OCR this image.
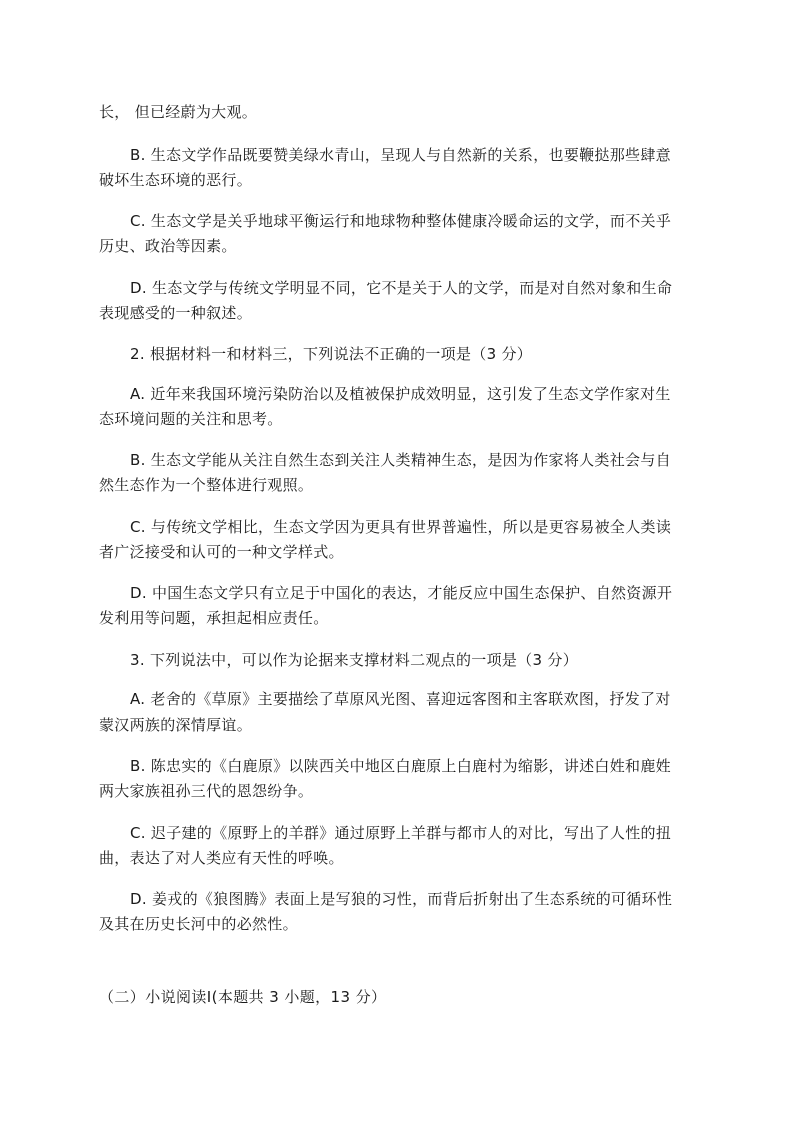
长， 但已经蔚为大观。
B. 生态文学作品既要赞美绿水青山，呈现人与自然新的关系，也要鞭挞那些肆意
破坏生态环境的恶行。
C. 生态文学是关乎地球平衡运行和地球物种整体健康冷暖命运的文学，而不关乎
历史、政治等因素。
D. 生态文学与传统文学明显不同，它不是关于人的文学，而是对自然对象和生命
表现感受的一种叙述。
2. 根据材料一和材料三，下列说法不正确的一项是（3 分）
A. 近年来我国环境污染防治以及植被保护成效明显，这引发了生态文学作家对生
态环境问题的关注和思考。
B. 生态文学能从关注自然生态到关注人类精神生态，是因为作家将人类社会与自
然生态作为一个整体进行观照。
C. 与传统文学相比，生态文学因为更具有世界普遍性，所以是更容易被全人类读
者广泛接受和认可的一种文学样式。
D. 中国生态文学只有立足于中国化的表达，才能反应中国生态保护、自然资源开
发利用等问题，承担起相应责任。
3. 下列说法中，可以作为论据来支撑材料二观点的一项是（3 分）
A. 老舍的《草原》主要描绘了草原风光图、喜迎远客图和主客联欢图，抒发了对
蒙汉两族的深情厚谊。
B. 陈忠实的《白鹿原》以陕西关中地区白鹿原上白鹿村为缩影，讲述白姓和鹿姓
两大家族祖孙三代的恩怨纷争。
C. 迟子建的《原野上的羊群》通过原野上羊群与都市人的对比，写出了人性的扭
曲，表达了对人类应有天性的呼唤。
D. 姜戎的《狼图腾》表面上是写狼的习性，而背后折射出了生态系统的可循环性
及其在历史长河中的必然性。
（二）小说阅读Ⅰ(本题共 3 小题，13 分）
